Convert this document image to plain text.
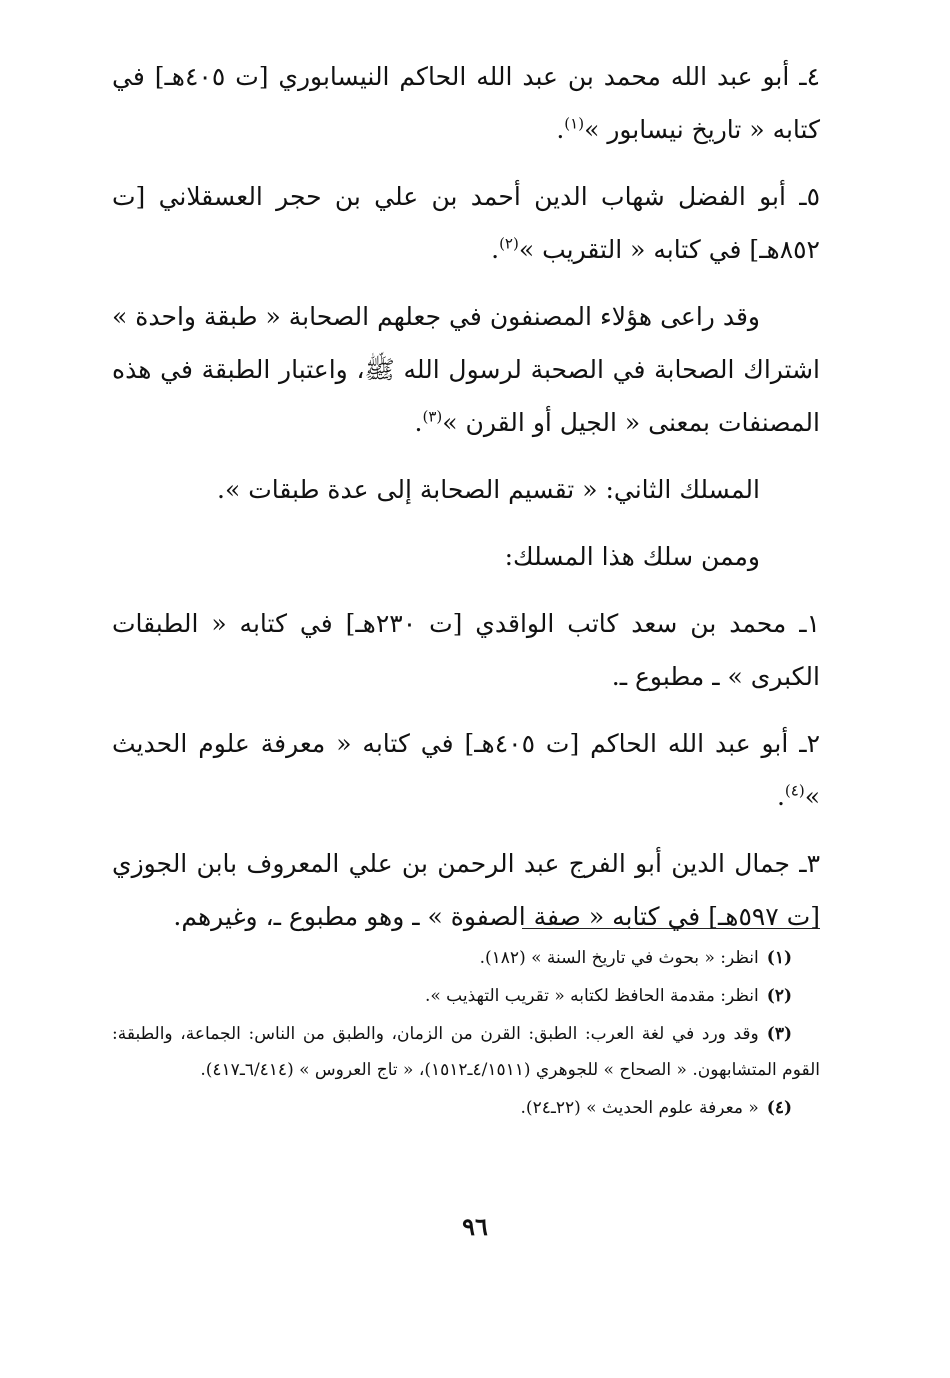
٤ـ أبو عبد الله محمد بن عبد الله الحاكم النيسابوري [ت ٤٠٥هـ] في كتابه « تاريخ نيسابور »$^{(١)}$.

٥ـ أبو الفضل شهاب الدين أحمد بن علي بن حجر العسقلاني [ت ٨٥٢هـ] في كتابه « التقريب »$^{(٢)}$.

وقد راعى هؤلاء المصنفون في جعلهم الصحابة « طبقة واحدة » اشتراك الصحابة في الصحبة لرسول الله ﷺ، واعتبار الطبقة في هذه المصنفات بمعنى « الجيل أو القرن »$^{(٣)}$.

المسلك الثاني: « تقسيم الصحابة إلى عدة طبقات ».

وممن سلك هذا المسلك:

١ـ محمد بن سعد كاتب الواقدي [ت ٢٣٠هـ] في كتابه « الطبقات الكبرى » ـ مطبوع ـ.

٢ـ أبو عبد الله الحاكم [ت ٤٠٥هـ] في كتابه « معرفة علوم الحديث »$^{(٤)}$.

٣ـ جمال الدين أبو الفرج عبد الرحمن بن علي المعروف بابن الجوزي [ت ٥٩٧هـ] في كتابه « صفة الصفوة » ـ وهو مطبوع ـ، وغيرهم.

(١)انظر: « بحوث في تاريخ السنة » (١٨٢).

(٢)انظر: مقدمة الحافظ لكتابه « تقريب التهذيب ».

(٣)وقد ورد في لغة العرب: الطبق: القرن من الزمان، والطبق من الناس: الجماعة، والطبقة: القوم المتشابهون. « الصحاح » للجوهري (٤/١٥١١ـ١٥١٢)، « تاج العروس » (٦/٤١٤ـ٤١٧).

(٤)« معرفة علوم الحديث » (٢٢ـ٢٤).

٩٦
